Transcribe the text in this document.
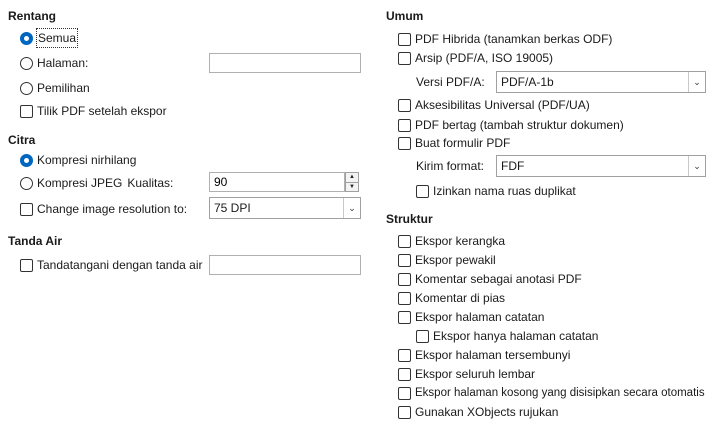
Rentang
Semua
Halaman:
Pemilihan
Tilik PDF setelah ekspor
Citra
Kompresi nirhilang
Kompresi JPEG Kualitas:
90	▲
▼
Change image resolution to:	75 DPI	⌄
Tanda Air
Tandatangani dengan tanda air
Umum
PDF Hibrida (tanamkan berkas ODF)
Arsip (PDF/A, ISO 19005)
Versi PDF/A:	PDF/A-1b	⌄
Aksesibilitas Universal (PDF/UA)
PDF bertag (tambah struktur dokumen)
Buat formulir PDF
Kirim format:	FDF	⌄
Izinkan nama ruas duplikat
Struktur
Ekspor kerangka
Ekspor pewakil
Komentar sebagai anotasi PDF
Komentar di pias
Ekspor halaman catatan
Ekspor hanya halaman catatan
Ekspor halaman tersembunyi
Ekspor seluruh lembar
Ekspor halaman kosong yang disisipkan secara otomatis
Gunakan XObjects rujukan
